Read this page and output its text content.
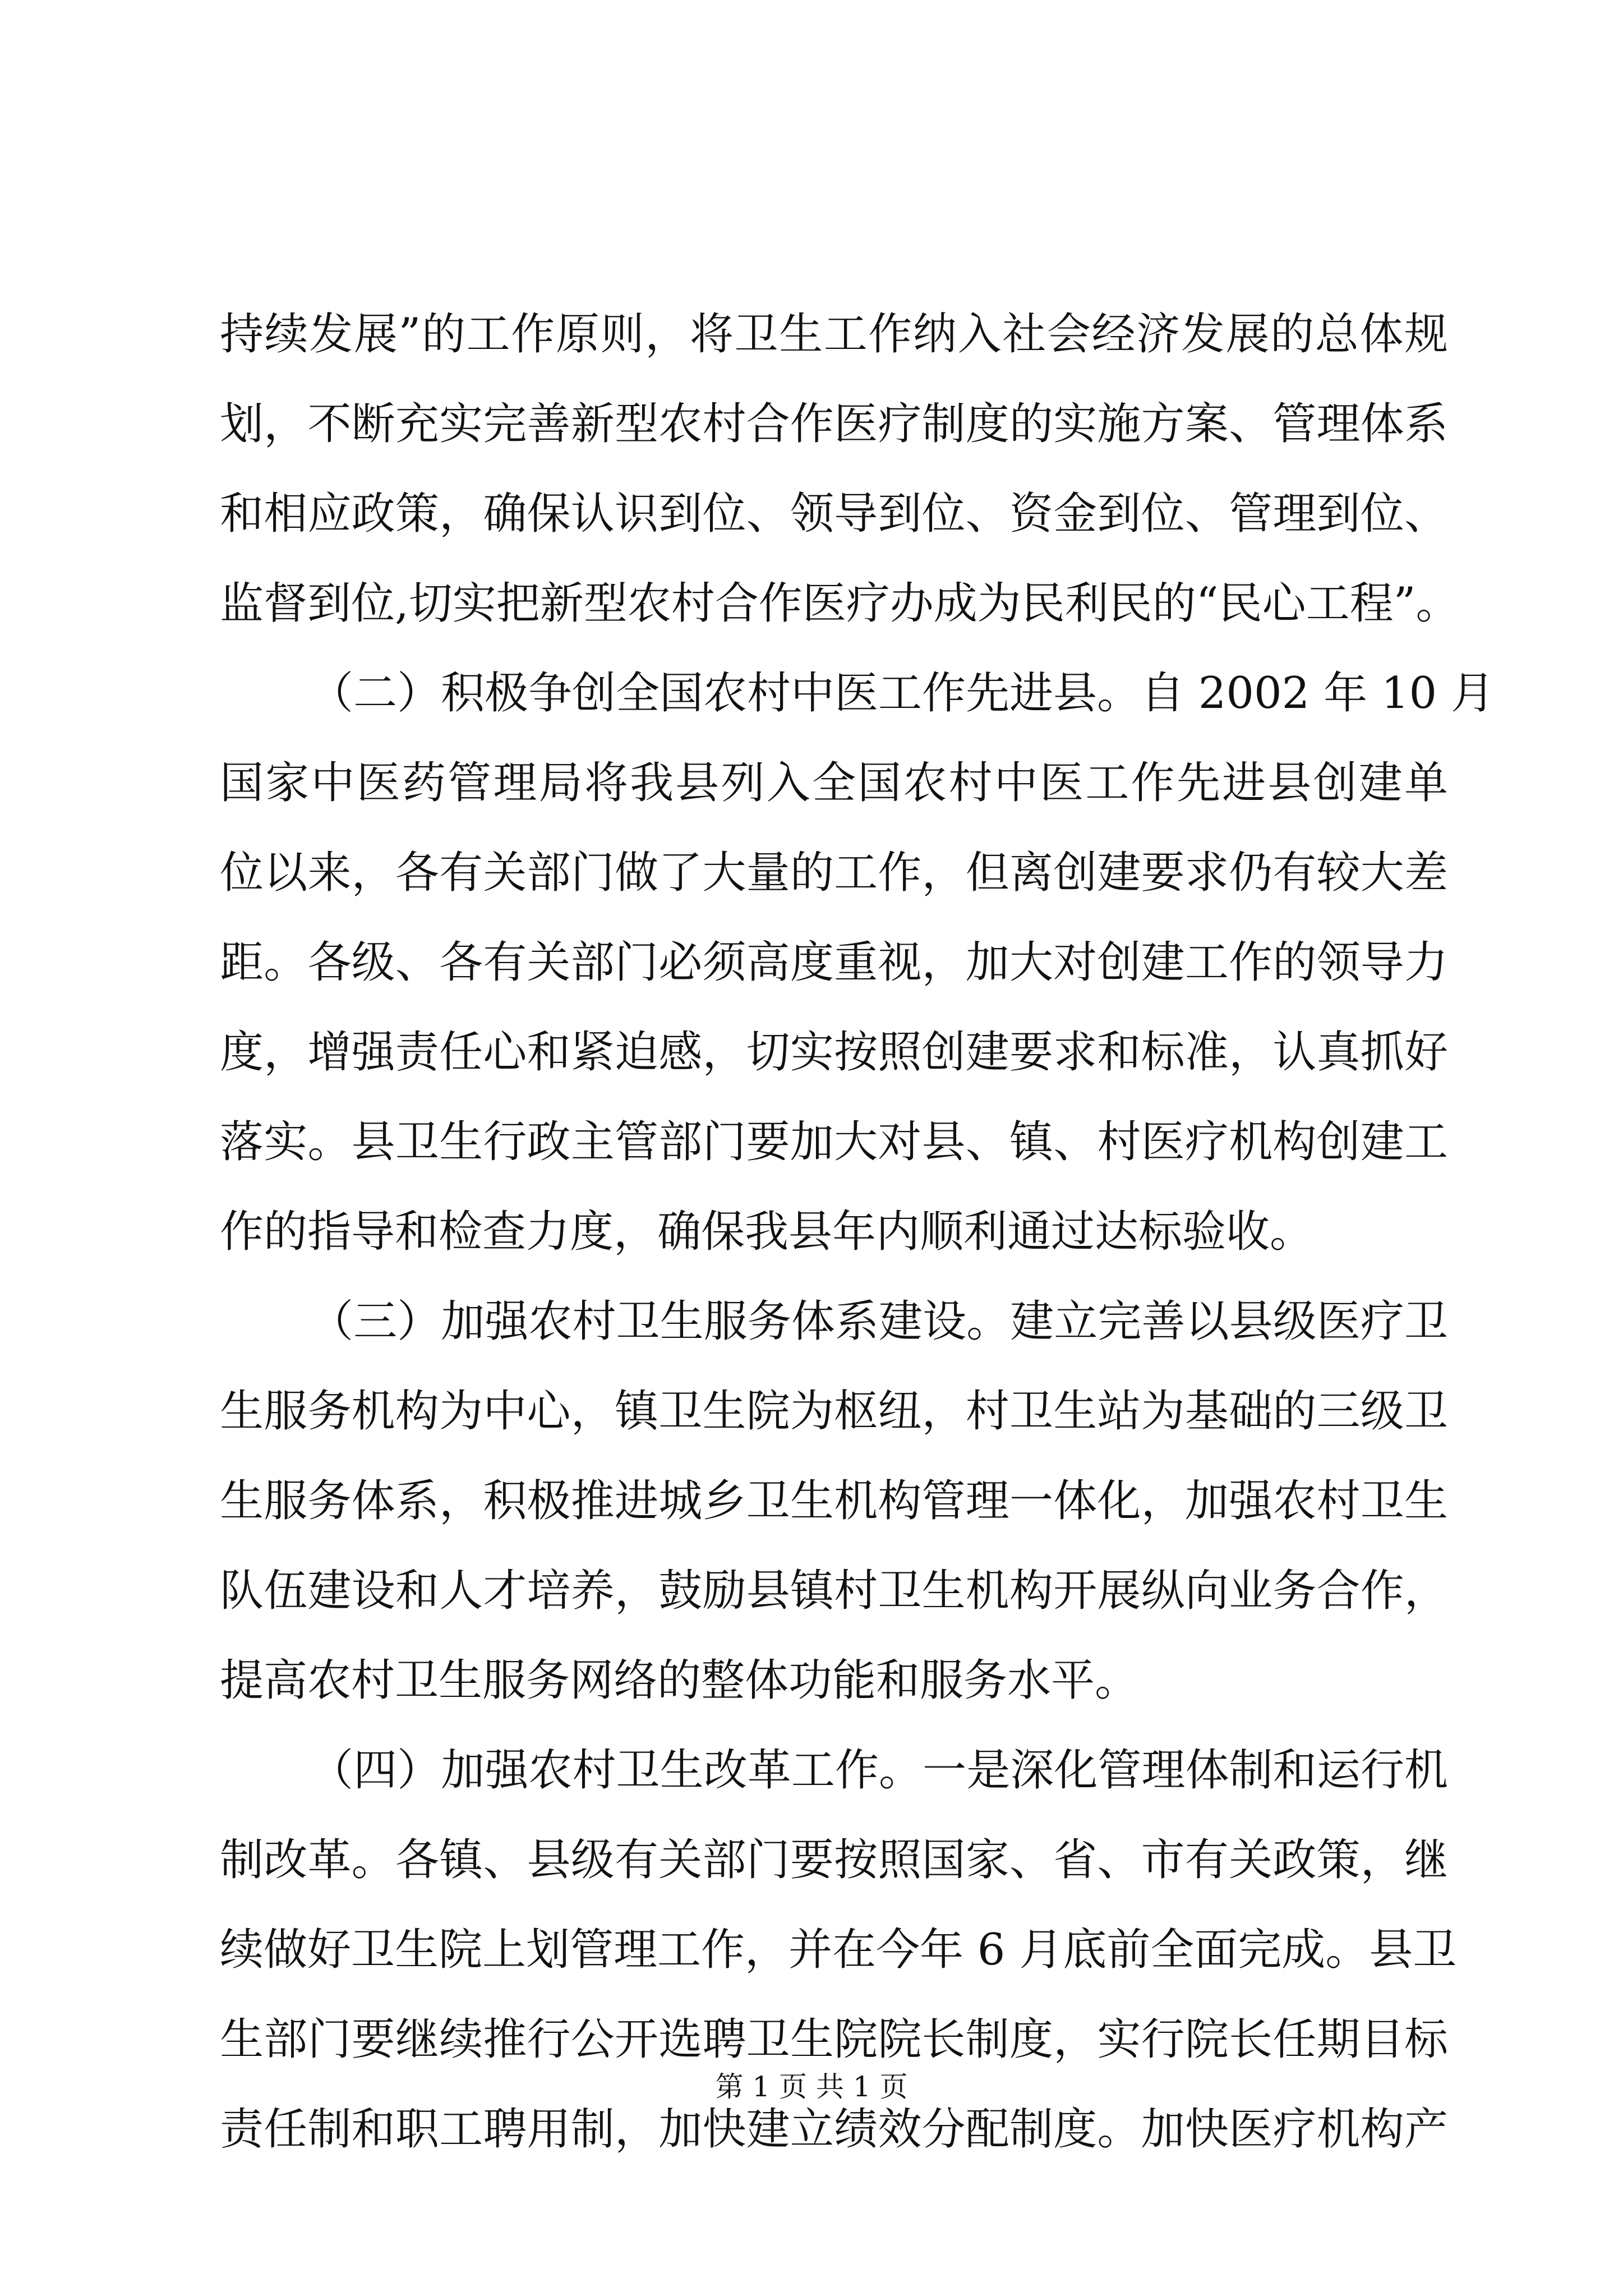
持续发展”的工作原则，将卫生工作纳入社会经济发展的总体规
划，不断充实完善新型农村合作医疗制度的实施方案、管理体系
和相应政策，确保认识到位、领导到位、资金到位、管理到位、
监督到位,切实把新型农村合作医疗办成为民利民的“民心工程”。
（二）积极争创全国农村中医工作先进县。自 2002 年 10 月
国家中医药管理局将我县列入全国农村中医工作先进县创建单
位以来，各有关部门做了大量的工作，但离创建要求仍有较大差
距。各级、各有关部门必须高度重视，加大对创建工作的领导力
度，增强责任心和紧迫感，切实按照创建要求和标准，认真抓好
落实。县卫生行政主管部门要加大对县、镇、村医疗机构创建工
作的指导和检查力度，确保我县年内顺利通过达标验收。
（三）加强农村卫生服务体系建设。建立完善以县级医疗卫
生服务机构为中心，镇卫生院为枢纽，村卫生站为基础的三级卫
生服务体系，积极推进城乡卫生机构管理一体化，加强农村卫生
队伍建设和人才培养，鼓励县镇村卫生机构开展纵向业务合作，
提高农村卫生服务网络的整体功能和服务水平。
（四）加强农村卫生改革工作。一是深化管理体制和运行机
制改革。各镇、县级有关部门要按照国家、省、市有关政策，继
续做好卫生院上划管理工作，并在今年 6 月底前全面完成。县卫
生部门要继续推行公开选聘卫生院院长制度，实行院长任期目标
责任制和职工聘用制，加快建立绩效分配制度。加快医疗机构产
第 1 页 共 1 页
